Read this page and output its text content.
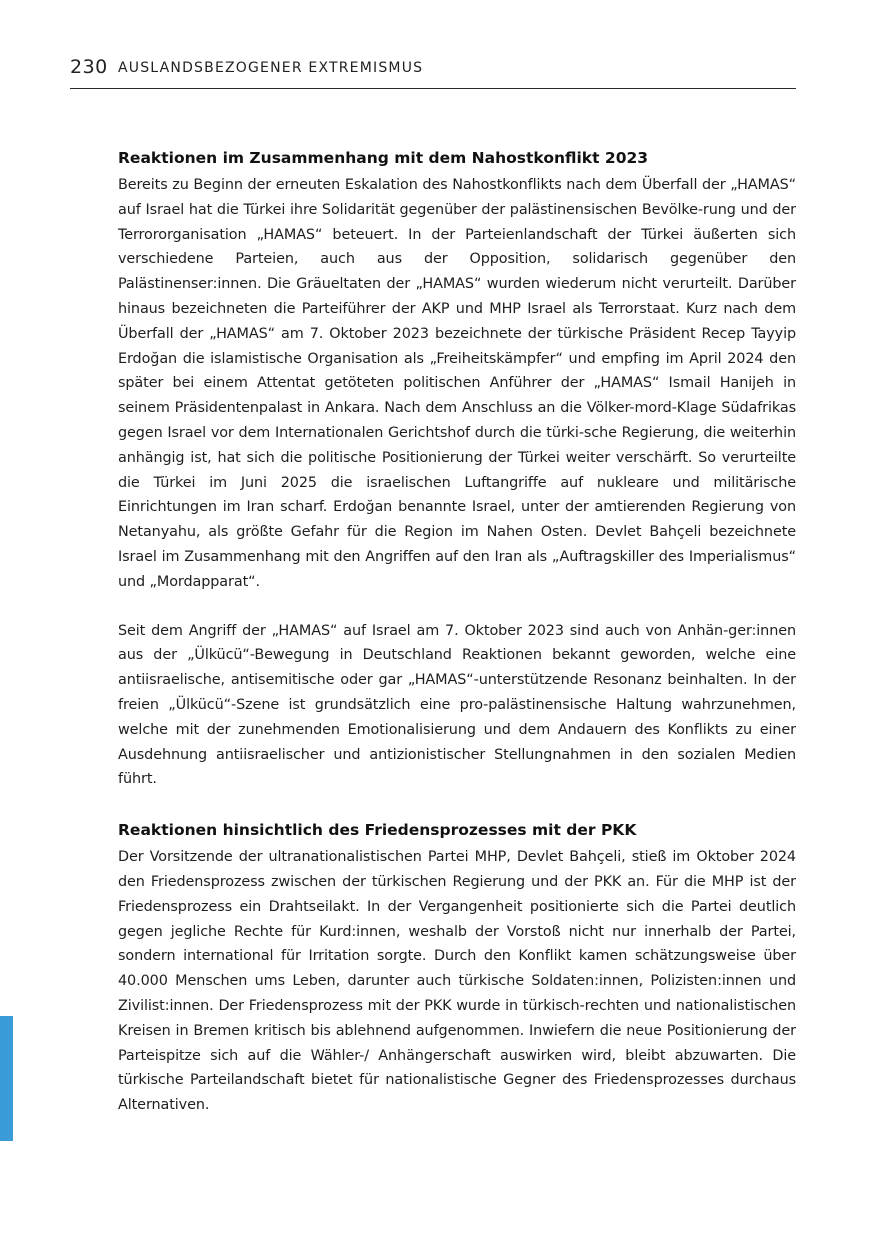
230 AUSLANDSBEZOGENER EXTREMISMUS
Reaktionen im Zusammenhang mit dem Nahostkonflikt 2023

Bereits zu Beginn der erneuten Eskalation des Nahostkonflikts nach dem Überfall der „HAMAS“ auf Israel hat die Türkei ihre Solidarität gegenüber der palästinensischen Bevölke-rung und der Terrororganisation „HAMAS“ beteuert. In der Parteienlandschaft der Türkei äußerten sich verschiedene Parteien, auch aus der Opposition, solidarisch gegenüber den Palästinenser:innen. Die Gräueltaten der „HAMAS“ wurden wiederum nicht verurteilt. Darüber hinaus bezeichneten die Parteiführer der AKP und MHP Israel als Terrorstaat. Kurz nach dem Überfall der „HAMAS“ am 7. Oktober 2023 bezeichnete der türkische Präsident Recep Tayyip Erdoğan die islamistische Organisation als „Freiheitskämpfer“ und empfing im April 2024 den später bei einem Attentat getöteten politischen Anführer der „HAMAS“ Ismail Hanijeh in seinem Präsidentenpalast in Ankara. Nach dem Anschluss an die Völker-mord-Klage Südafrikas gegen Israel vor dem Internationalen Gerichtshof durch die türki-sche Regierung, die weiterhin anhängig ist, hat sich die politische Positionierung der Türkei weiter verschärft. So verurteilte die Türkei im Juni 2025 die israelischen Luftangriffe auf nukleare und militärische Einrichtungen im Iran scharf. Erdoğan benannte Israel, unter der amtierenden Regierung von Netanyahu, als größte Gefahr für die Region im Nahen Osten. Devlet Bahçeli bezeichnete Israel im Zusammenhang mit den Angriffen auf den Iran als „Auftragskiller des Imperialismus“ und „Mordapparat“.

Seit dem Angriff der „HAMAS“ auf Israel am 7. Oktober 2023 sind auch von Anhän-ger:innen aus der „Ülkücü“-Bewegung in Deutschland Reaktionen bekannt geworden, welche eine antiisraelische, antisemitische oder gar „HAMAS“-unterstützende Resonanz beinhalten. In der freien „Ülkücü“-Szene ist grundsätzlich eine pro-palästinensische Haltung wahrzunehmen, welche mit der zunehmenden Emotionalisierung und dem Andauern des Konflikts zu einer Ausdehnung antiisraelischer und antizionistischer Stellungnahmen in den sozialen Medien führt.

Reaktionen hinsichtlich des Friedensprozesses mit der PKK

Der Vorsitzende der ultranationalistischen Partei MHP, Devlet Bahçeli, stieß im Oktober 2024 den Friedensprozess zwischen der türkischen Regierung und der PKK an. Für die MHP ist der Friedensprozess ein Drahtseilakt. In der Vergangenheit positionierte sich die Partei deutlich gegen jegliche Rechte für Kurd:innen, weshalb der Vorstoß nicht nur innerhalb der Partei, sondern international für Irritation sorgte. Durch den Konflikt kamen schätzungsweise über 40.000 Menschen ums Leben, darunter auch türkische Soldaten:innen, Polizisten:innen und Zivilist:innen. Der Friedensprozess mit der PKK wurde in türkisch-rechten und nationalistischen Kreisen in Bremen kritisch bis ablehnend aufgenommen. Inwiefern die neue Positionierung der Parteispitze sich auf die Wähler-/ Anhängerschaft auswirken wird, bleibt abzuwarten. Die türkische Parteilandschaft bietet für nationalistische Gegner des Friedensprozesses durchaus Alternativen.
